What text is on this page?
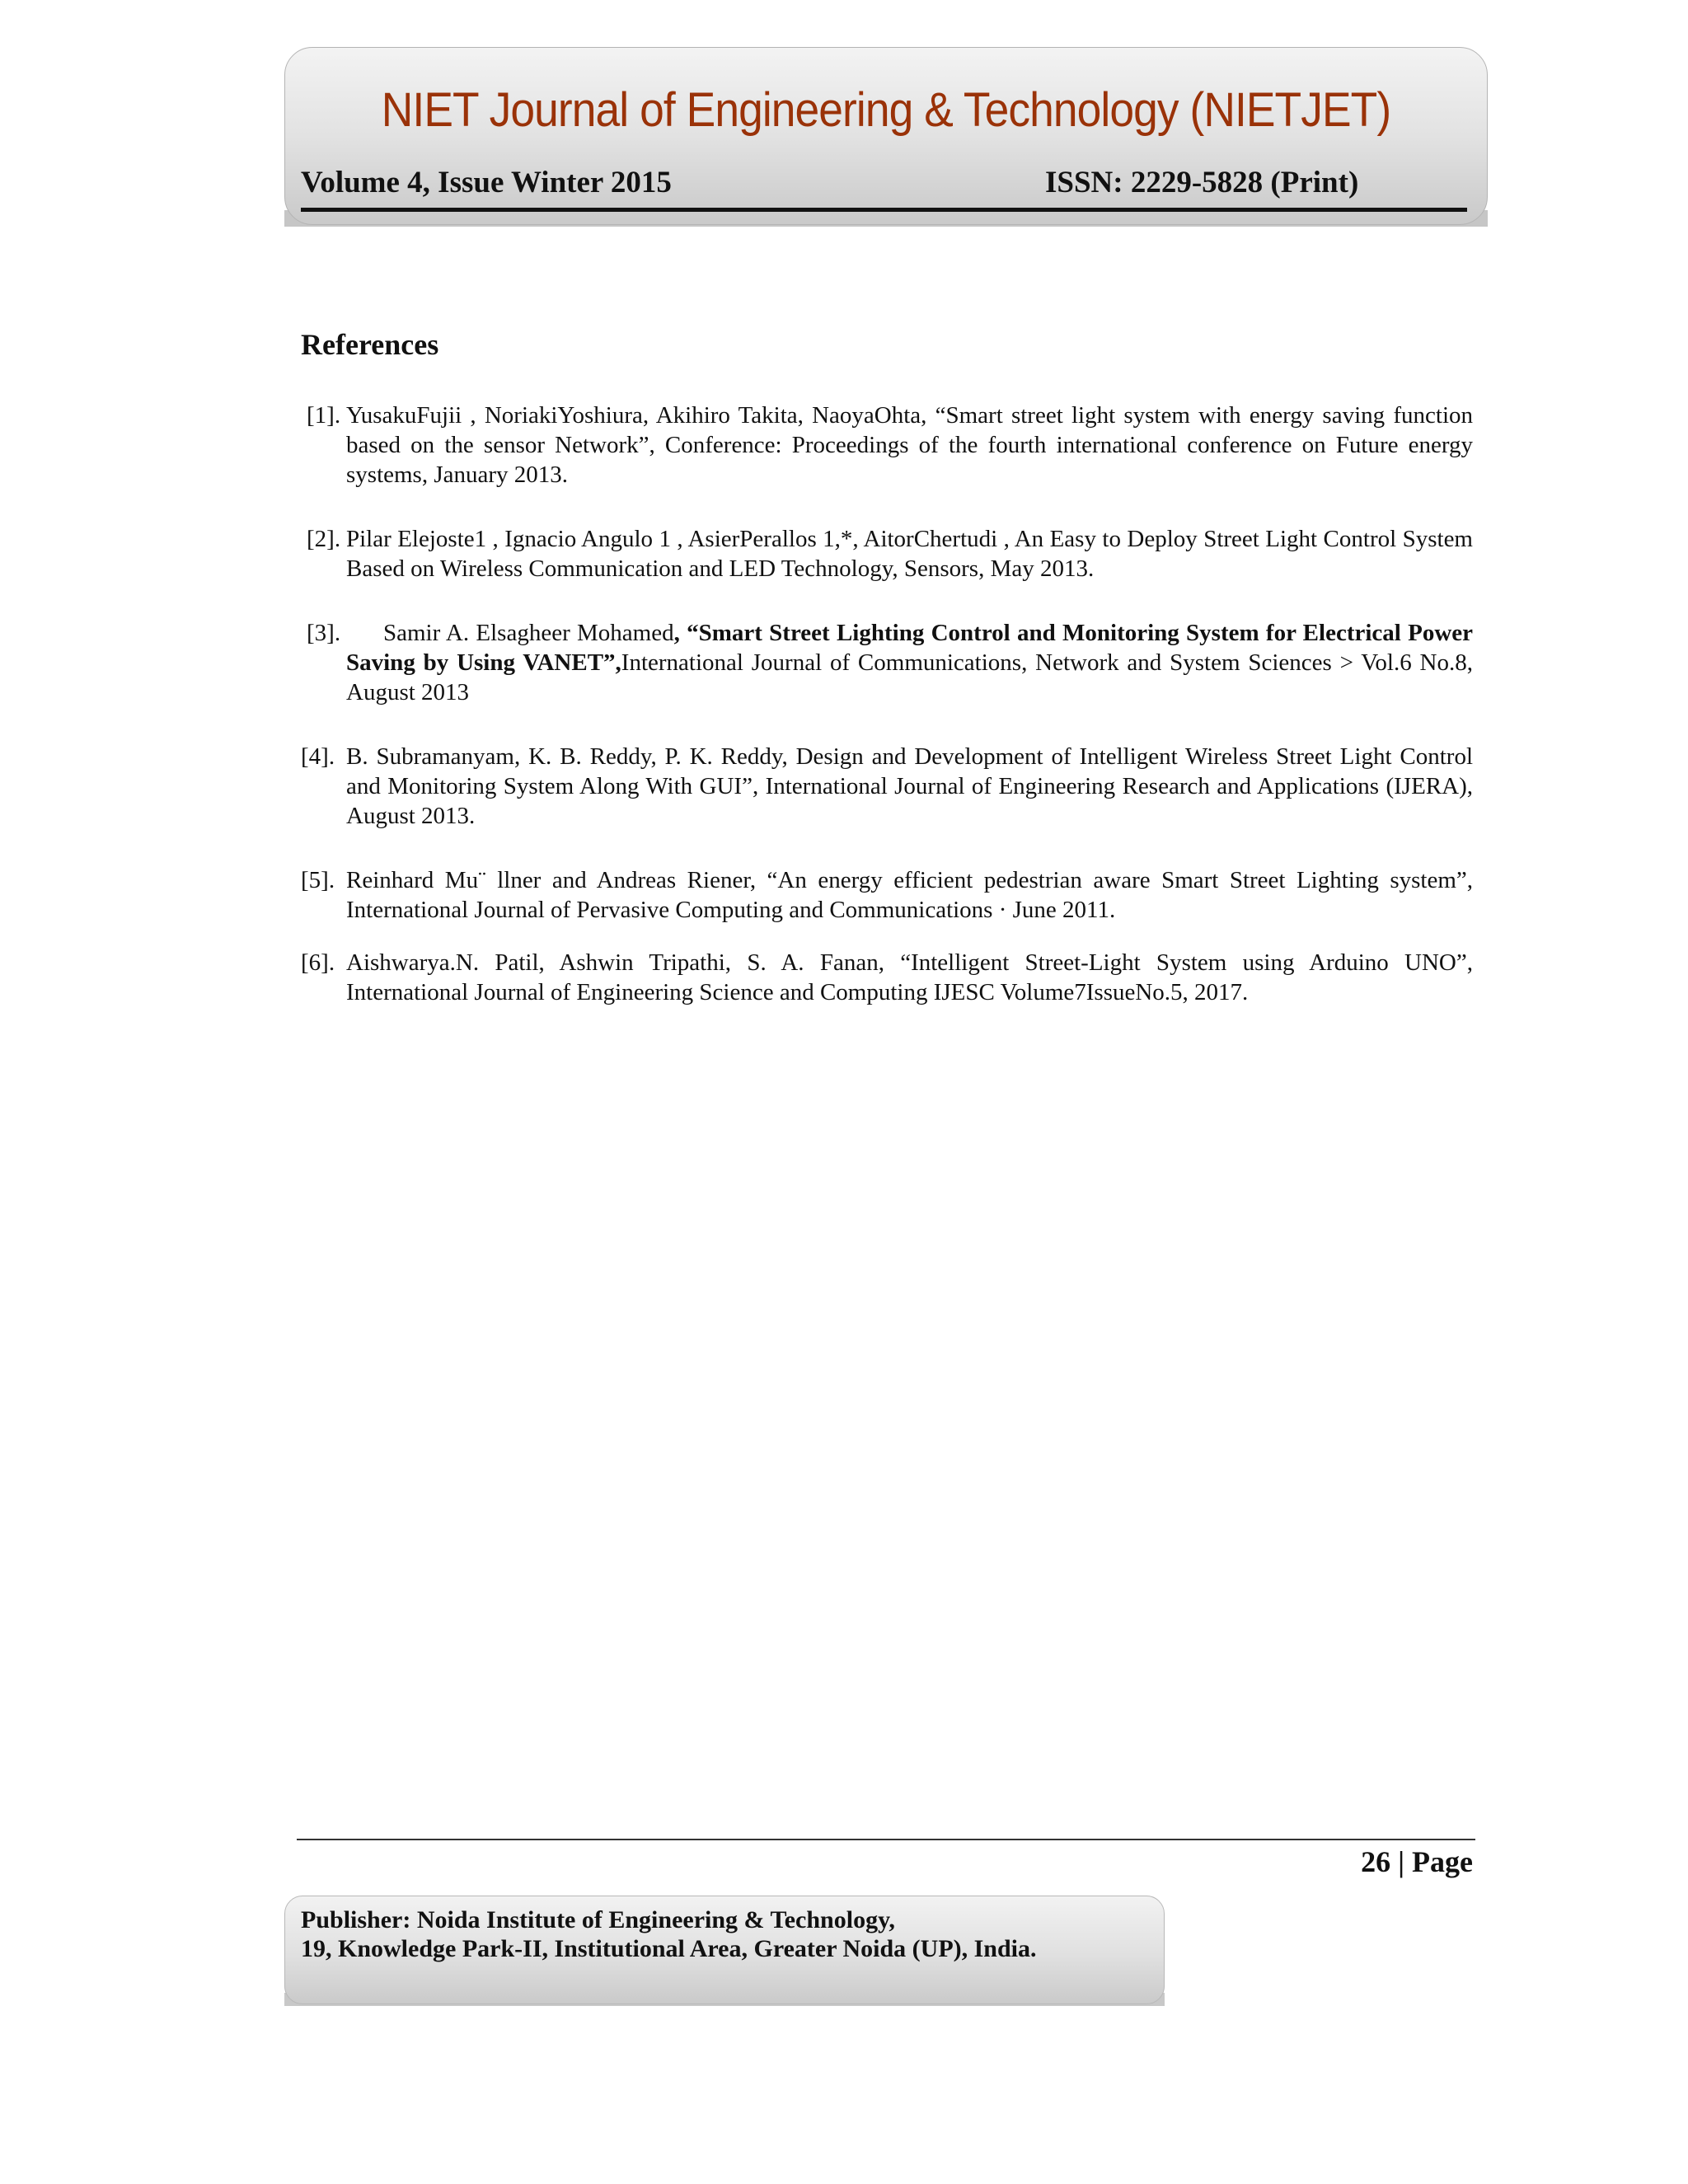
NIET Journal of Engineering & Technology (NIETJET)
Volume 4, Issue Winter 2015	ISSN: 2229-5828 (Print)
References
[1]. YusakuFujii , NoriakiYoshiura, Akihiro Takita, NaoyaOhta, “Smart street light system with energy saving function based on the sensor Network”, Conference: Proceedings of the fourth international conference on Future energy systems, January 2013.
[2]. Pilar Elejoste1 , Ignacio Angulo 1 , AsierPerallos 1,*, AitorChertudi , An Easy to Deploy Street Light Control System Based on Wireless Communication and LED Technology, Sensors, May 2013.
[3]. Samir A. Elsagheer Mohamed, “Smart Street Lighting Control and Monitoring System for Electrical Power Saving by Using VANET”,International Journal of Communications, Network and System Sciences > Vol.6 No.8, August 2013
[4]. B. Subramanyam, K. B. Reddy, P. K. Reddy, Design and Development of Intelligent Wireless Street Light Control and Monitoring System Along With GUI”, International Journal of Engineering Research and Applications (IJERA), August 2013.
[5]. Reinhard Mu¨ llner and Andreas Riener, “An energy efficient pedestrian aware Smart Street Lighting system”, International Journal of Pervasive Computing and Communications · June 2011.
[6]. Aishwarya.N. Patil, Ashwin Tripathi, S. A. Fanan, “Intelligent Street-Light System using Arduino UNO”, International Journal of Engineering Science and Computing IJESC Volume7IssueNo.5, 2017.
26 | Page
Publisher: Noida Institute of Engineering & Technology,
19, Knowledge Park-II, Institutional Area, Greater Noida (UP), India.
